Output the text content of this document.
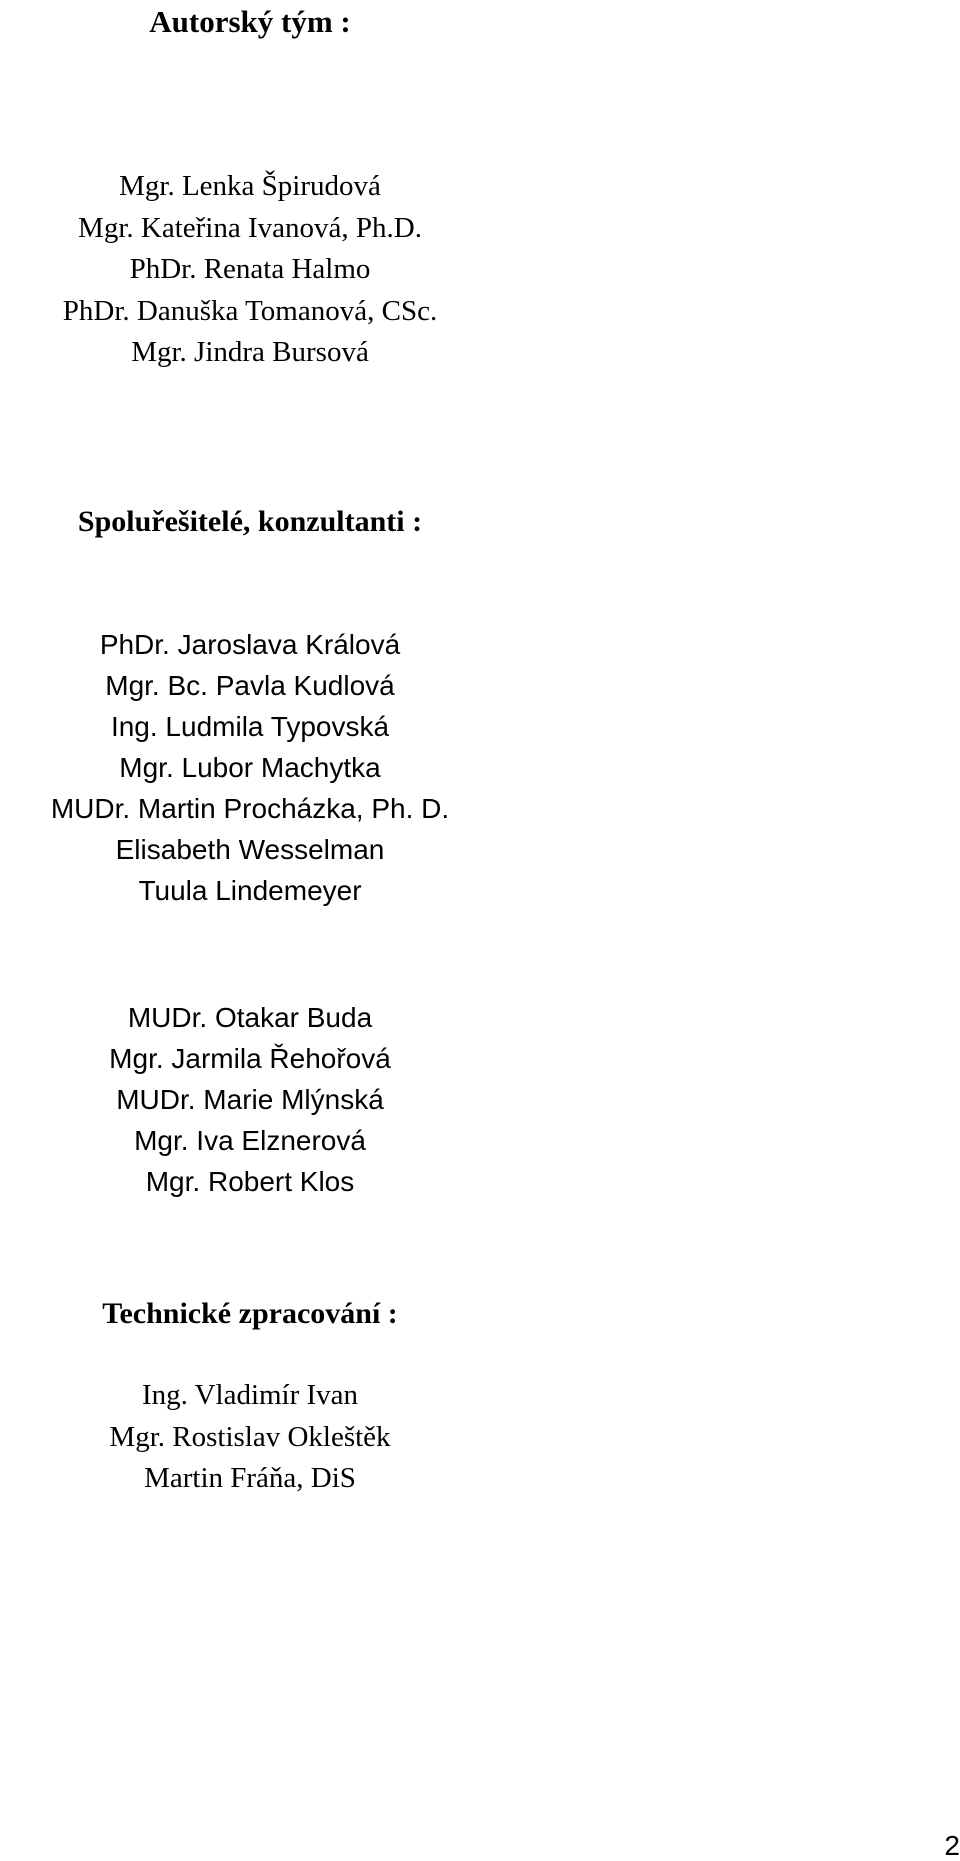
Autorský tým :
Mgr. Lenka Špirudová
Mgr. Kateřina Ivanová, Ph.D.
PhDr. Renata Halmo
PhDr. Danuška Tomanová, CSc.
Mgr. Jindra Bursová
Spoluřešitelé, konzultanti :
PhDr. Jaroslava Králová
Mgr. Bc. Pavla Kudlová
Ing. Ludmila Typovská
Mgr. Lubor Machytka
MUDr. Martin Procházka, Ph. D.
Elisabeth Wesselman
Tuula Lindemeyer
MUDr. Otakar Buda
Mgr. Jarmila Řehořová
MUDr. Marie Mlýnská
Mgr. Iva Elznerová
Mgr. Robert Klos
Technické zpracování :
Ing. Vladimír Ivan
Mgr. Rostislav Okleštěk
Martin Fráňa, DiS
2
